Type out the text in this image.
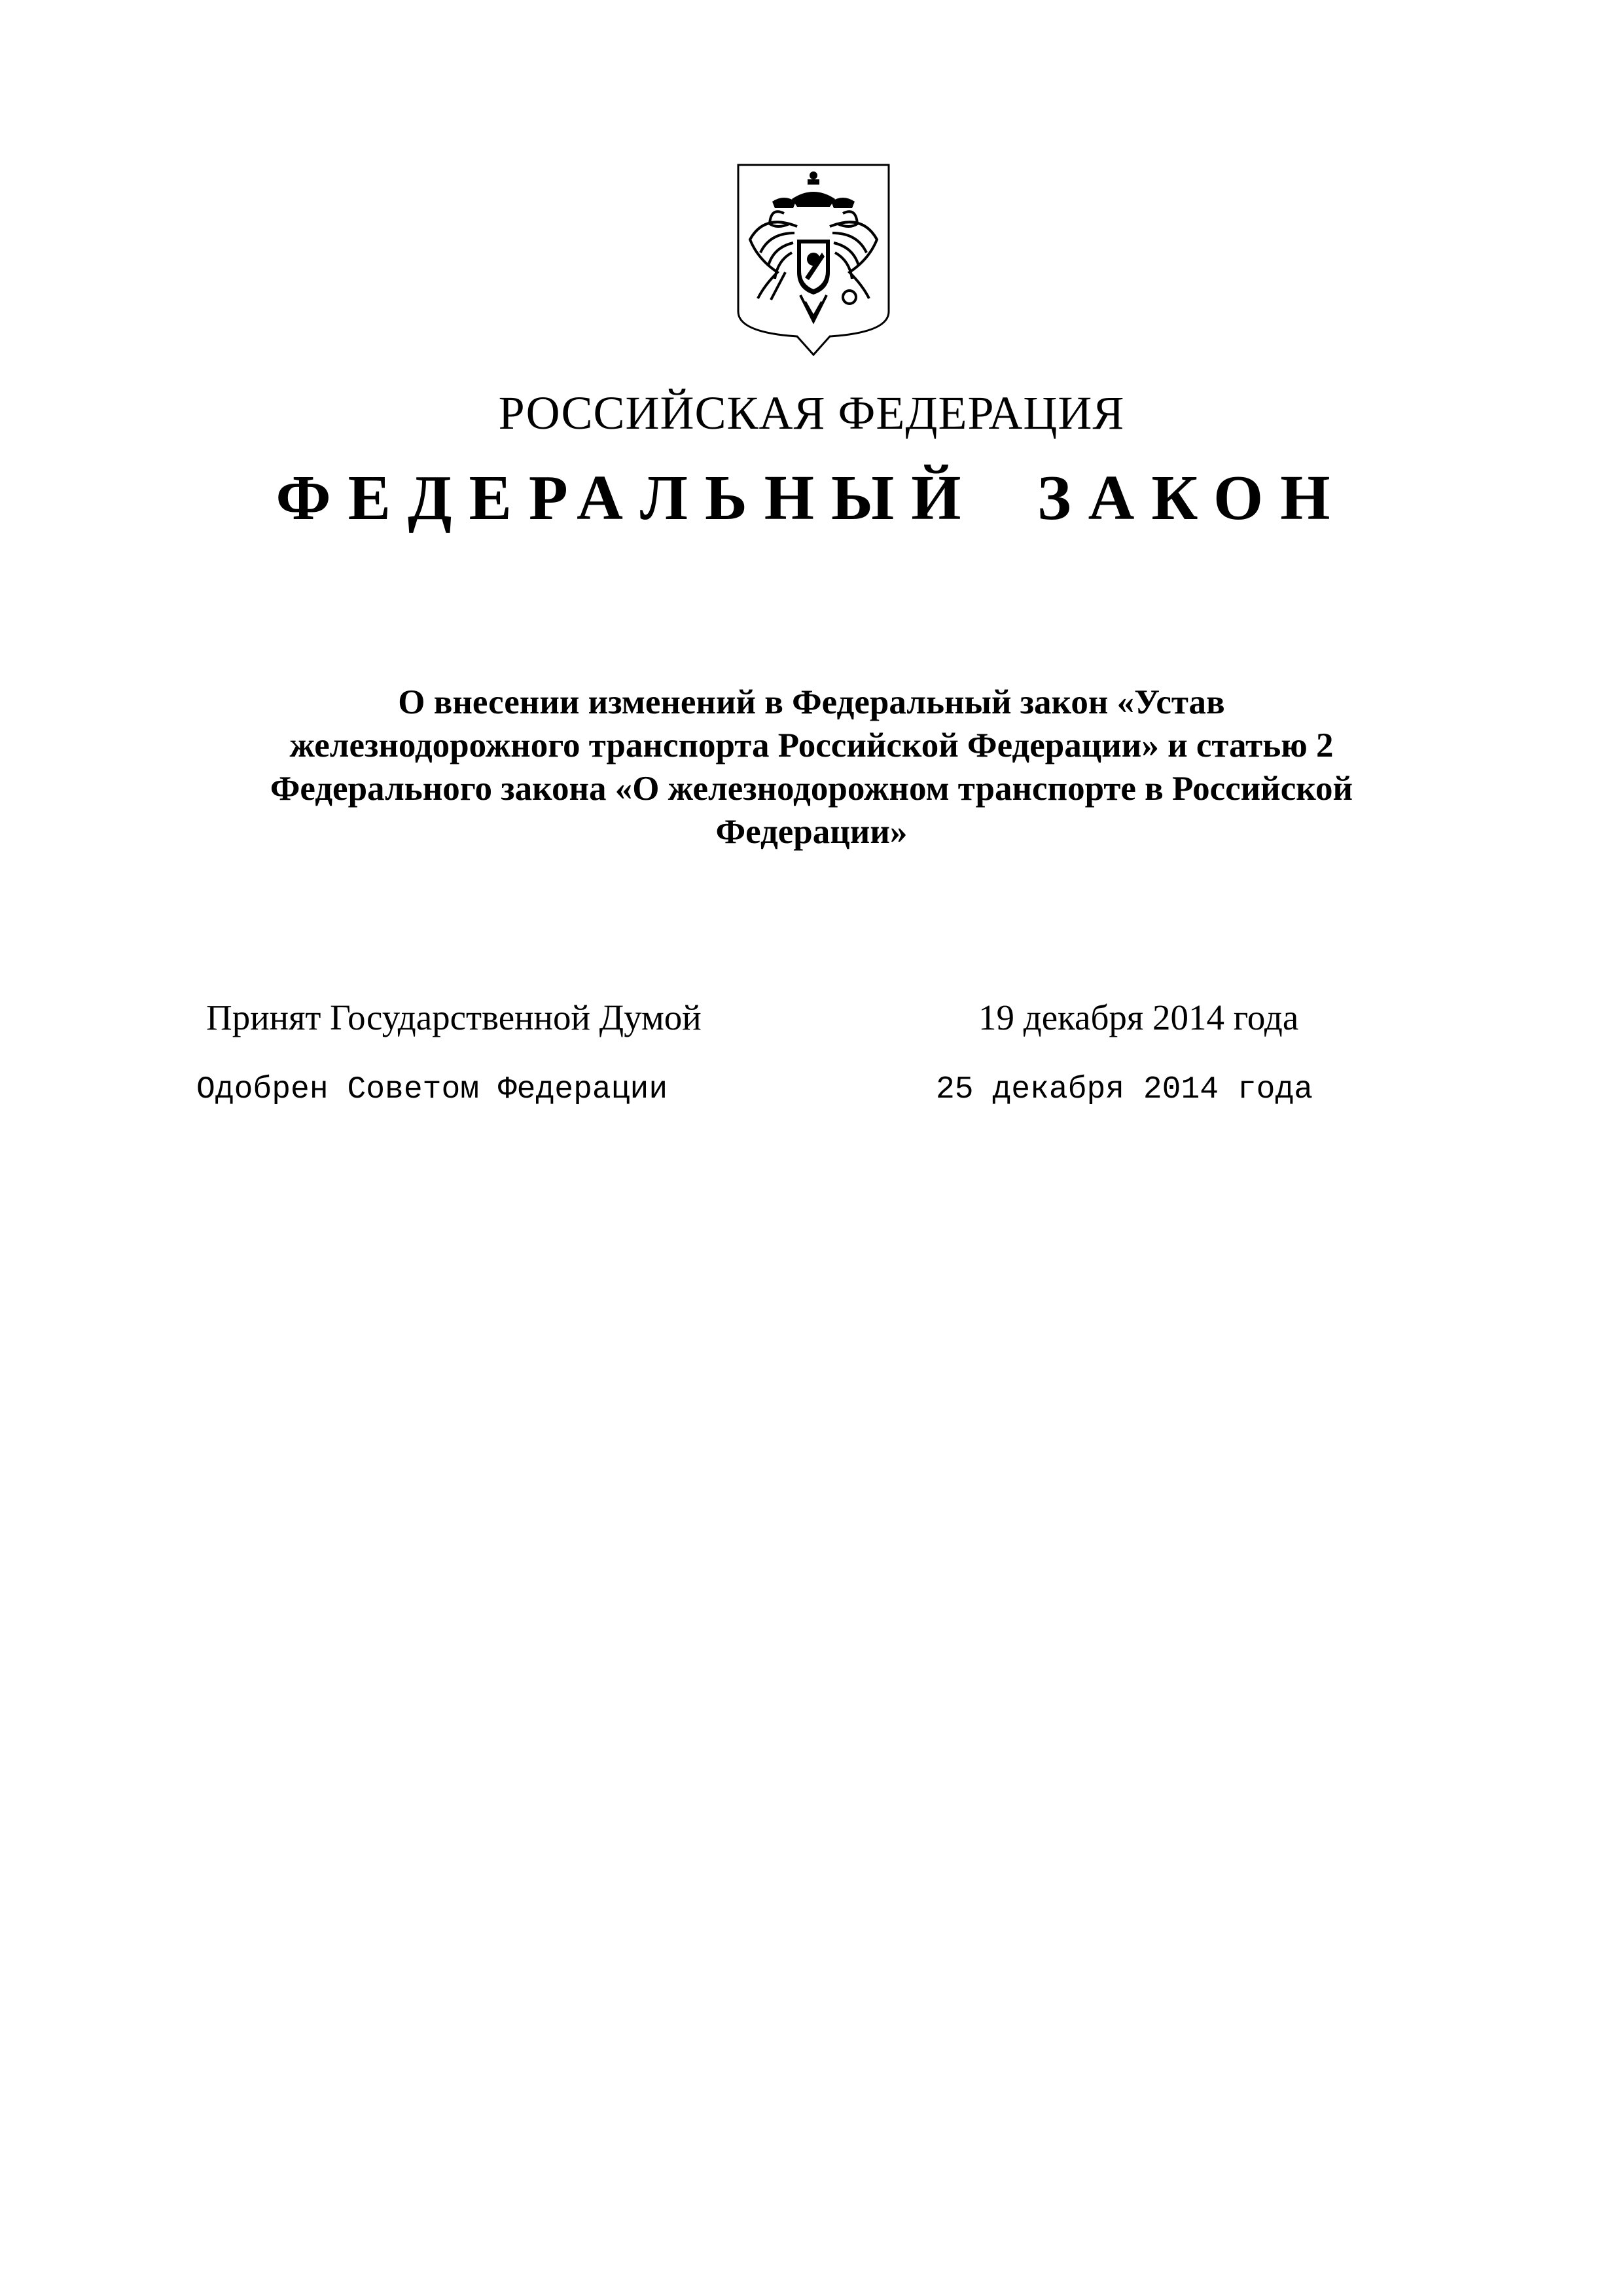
РОССИЙСКАЯ ФЕДЕРАЦИЯ
ФЕДЕРАЛЬНЫЙ ЗАКОН
О внесении изменений в Федеральный закон «Устав
железнодорожного транспорта Российской Федерации» и статью 2 Федерального закона «О железнодорожном транспорте в Российской Федерации»
Принят Государственной Думой	19 декабря 2014 года
Одобрен Советом Федерации	25 декабря 2014 года
